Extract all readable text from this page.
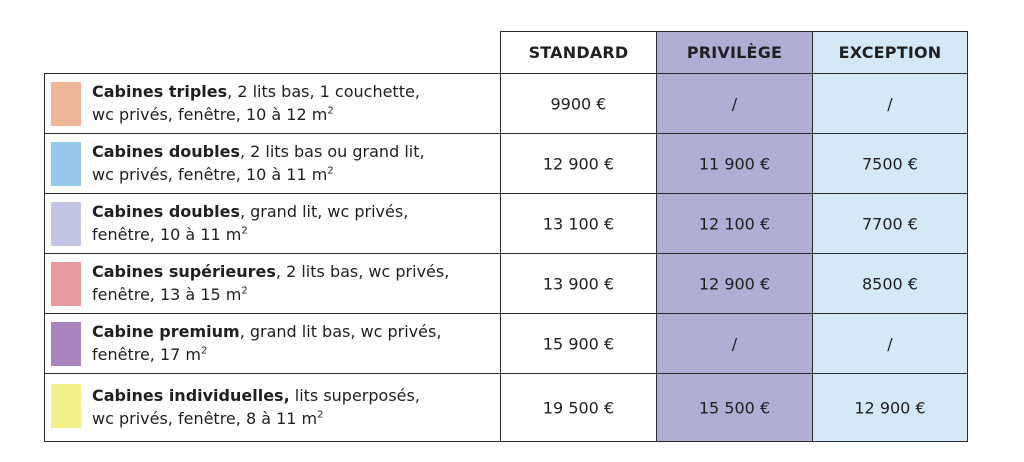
STANDARD	PRIVILÈGE	EXCEPTION
Cabines triples, 2 lits bas, 1 couchette,
wc privés, fenêtre, 10 à 12 $m^2$	9900 €	/	/
Cabines doubles, 2 lits bas ou grand lit,
wc privés, fenêtre, 10 à 11 $m^2$	12 900 €	11 900 €	7500 €
Cabines doubles, grand lit, wc privés,
fenêtre, 10 à 11 $m^2$	13 100 €	12 100 €	7700 €
Cabines supérieures, 2 lits bas, wc privés,
fenêtre, 13 à 15 $m^2$	13 900 €	12 900 €	8500 €
Cabine premium, grand lit bas, wc privés,
fenêtre, 17 $m^2$	15 900 €	/	/
Cabines individuelles, lits superposés,
wc privés, fenêtre, 8 à 11 $m^2$	19 500 €	15 500 €	12 900 €
